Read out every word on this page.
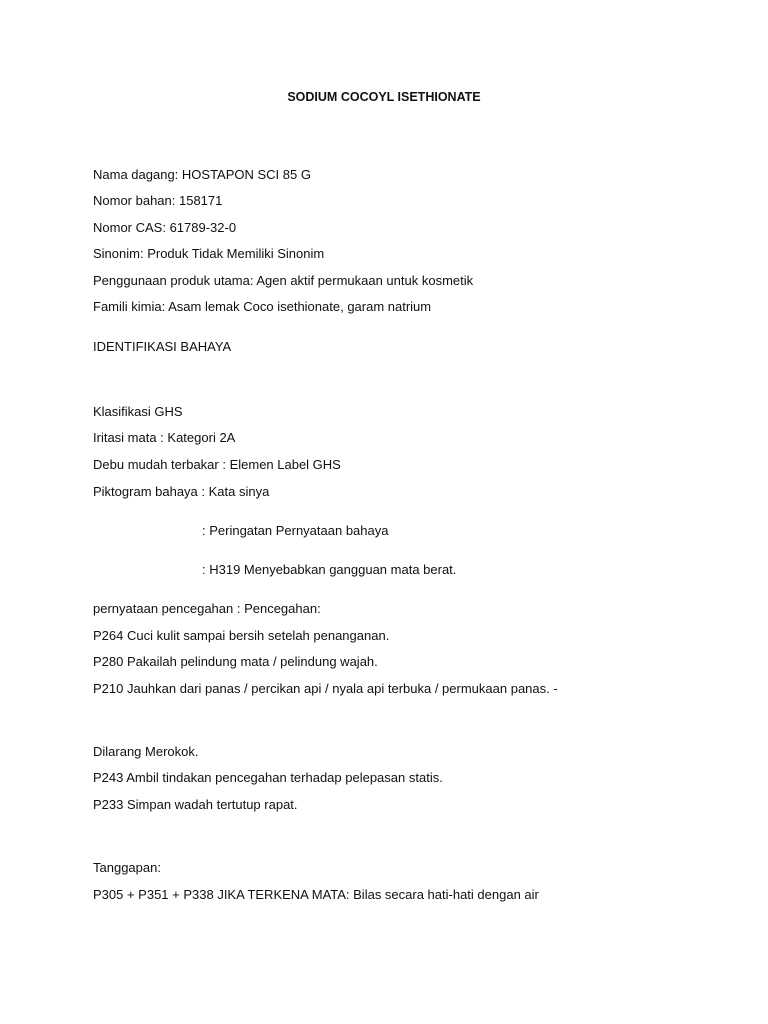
SODIUM COCOYL ISETHIONATE
Nama dagang: HOSTAPON SCI 85 G
Nomor bahan: 158171
Nomor CAS: 61789-32-0
Sinonim: Produk Tidak Memiliki Sinonim
Penggunaan produk utama: Agen aktif permukaan untuk kosmetik
Famili kimia: Asam lemak Coco isethionate, garam natrium
IDENTIFIKASI BAHAYA
Klasifikasi GHS
Iritasi mata : Kategori 2A
Debu mudah terbakar : Elemen Label GHS
Piktogram bahaya : Kata sinya
: Peringatan Pernyataan bahaya
: H319 Menyebabkan gangguan mata berat.
pernyataan pencegahan : Pencegahan:
P264 Cuci kulit sampai bersih setelah penanganan.
P280 Pakailah pelindung mata / pelindung wajah.
P210 Jauhkan dari panas / percikan api / nyala api terbuka / permukaan panas. -
Dilarang Merokok.
P243 Ambil tindakan pencegahan terhadap pelepasan statis.
P233 Simpan wadah tertutup rapat.
Tanggapan:
P305 + P351 + P338 JIKA TERKENA MATA: Bilas secara hati-hati dengan air
